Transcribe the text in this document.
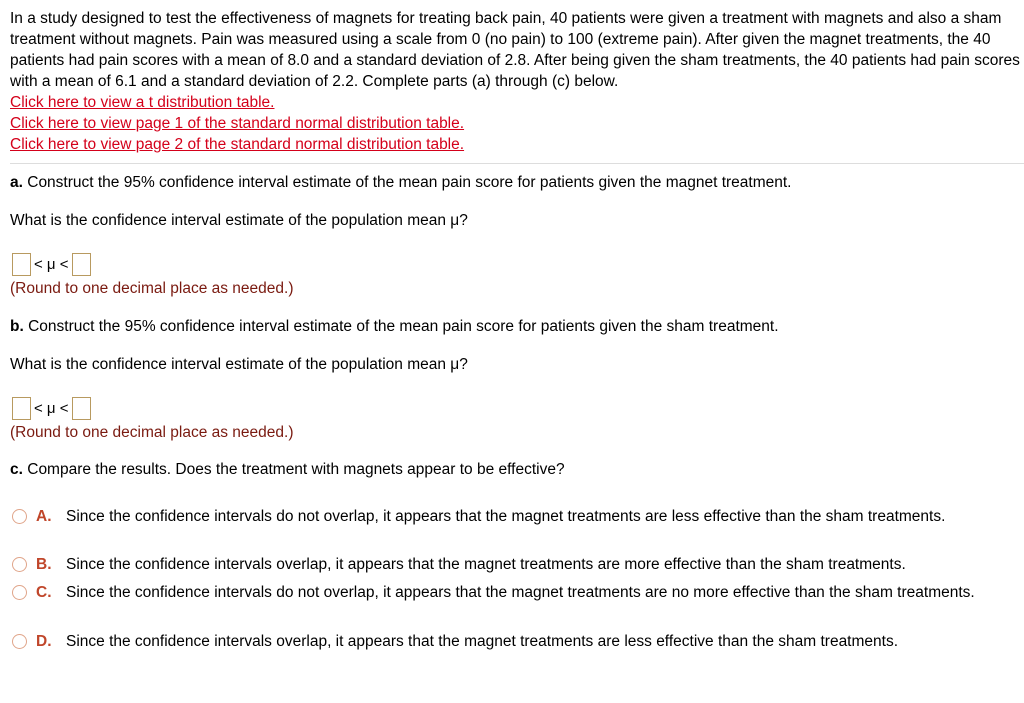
In a study designed to test the effectiveness of magnets for treating back pain, 40 patients were given a treatment with magnets and also a sham treatment without magnets. Pain was measured using a scale from 0 (no pain) to 100 (extreme pain). After given the magnet treatments, the 40 patients had pain scores with a mean of 8.0 and a standard deviation of 2.8. After being given the sham treatments, the 40 patients had pain scores with a mean of 6.1 and a standard deviation of 2.2. Complete parts (a) through (c) below.
Click here to view a t distribution table.
Click here to view page 1 of the standard normal distribution table.
Click here to view page 2 of the standard normal distribution table.
a. Construct the 95% confidence interval estimate of the mean pain score for patients given the magnet treatment.
What is the confidence interval estimate of the population mean μ?
< μ <
(Round to one decimal place as needed.)
b. Construct the 95% confidence interval estimate of the mean pain score for patients given the sham treatment.
What is the confidence interval estimate of the population mean μ?
< μ <
(Round to one decimal place as needed.)
c. Compare the results. Does the treatment with magnets appear to be effective?
A. Since the confidence intervals do not overlap, it appears that the magnet treatments are less effective than the sham treatments.
B. Since the confidence intervals overlap, it appears that the magnet treatments are more effective than the sham treatments.
C. Since the confidence intervals do not overlap, it appears that the magnet treatments are no more effective than the sham treatments.
D. Since the confidence intervals overlap, it appears that the magnet treatments are less effective than the sham treatments.
